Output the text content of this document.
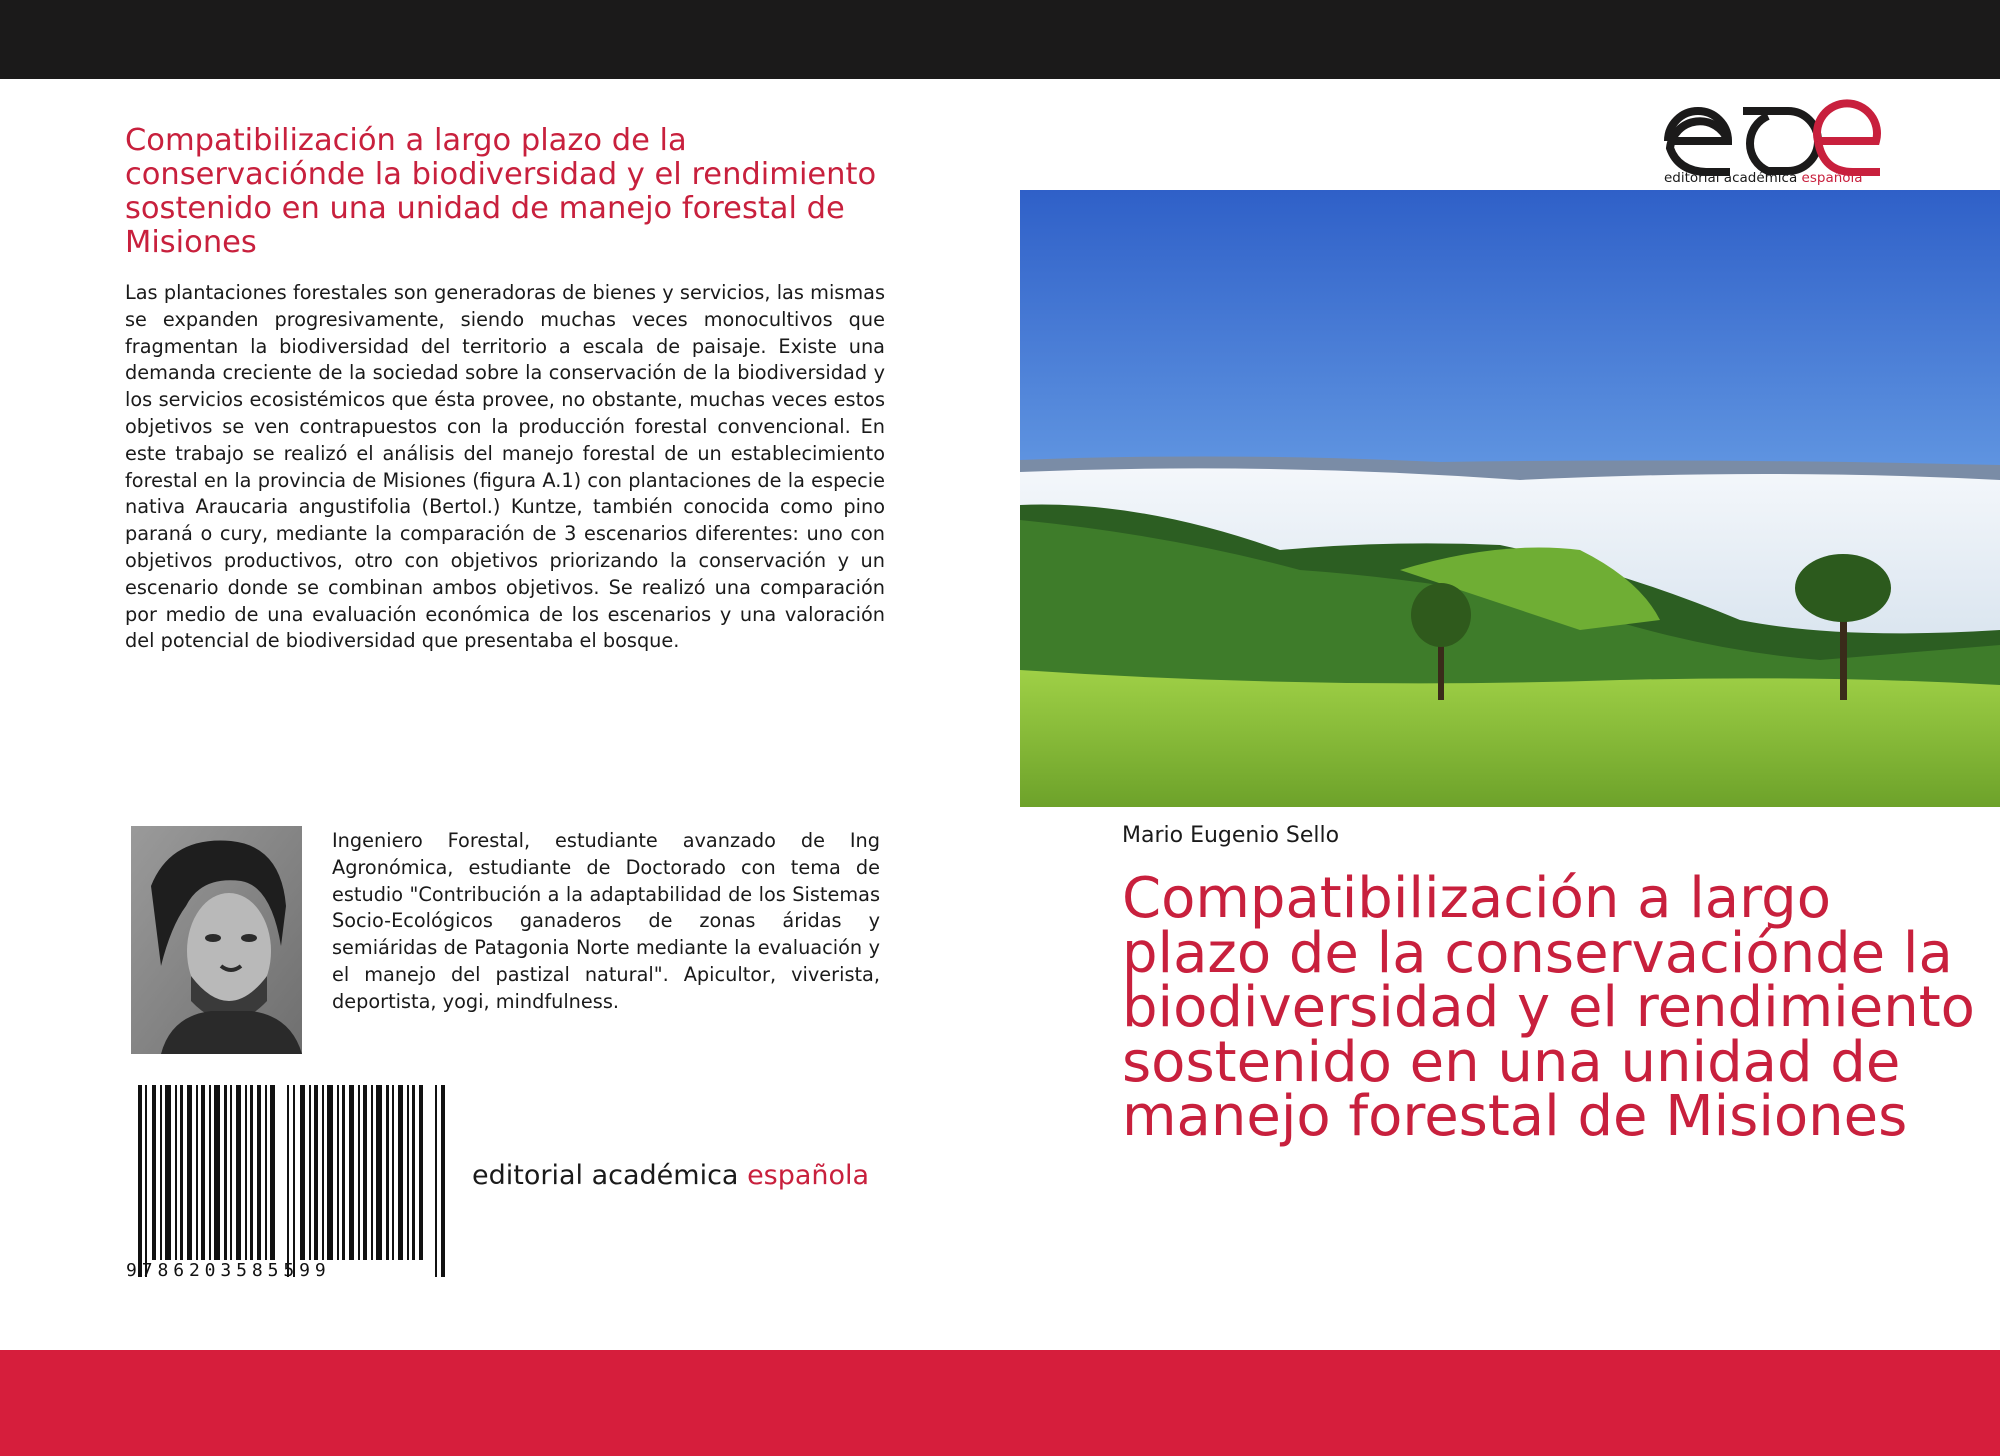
Compatibilización a largo plazo de la conservaciónde la biodiversidad y el rendimiento sostenido en una unidad de manejo forestal de Misiones

Las plantaciones forestales son generadoras de bienes y servicios, las mismas se expanden progresivamente, siendo muchas veces monocultivos que fragmentan la biodiversidad del territorio a escala de paisaje. Existe una demanda creciente de la sociedad sobre la conservación de la biodiversidad y los servicios ecosistémicos que ésta provee, no obstante, muchas veces estos objetivos se ven contrapuestos con la producción forestal convencional. En este trabajo se realizó el análisis del manejo forestal de un establecimiento forestal en la provincia de Misiones (figura A.1) con plantaciones de la especie nativa Araucaria angustifolia (Bertol.) Kuntze, también conocida como pino paraná o cury, mediante la comparación de 3 escenarios diferentes: uno con objetivos productivos, otro con objetivos priorizando la conservación y un escenario donde se combinan ambos objetivos. Se realizó una comparación por medio de una evaluación económica de los escenarios y una valoración del potencial de biodiversidad que presentaba el bosque.

Ingeniero Forestal, estudiante avanzado de Ing Agronómica, estudiante de Doctorado con tema de estudio "Contribución a la adaptabilidad de los Sistemas Socio-Ecológicos ganaderos de zonas áridas y semiáridas de Patagonia Norte mediante la evaluación y el manejo del pastizal natural". Apicultor, viverista, deportista, yogi, mindfulness.

9786203585599
editorial académica española
editorial académica española
Mario Eugenio Sello
Compatibilización a largo plazo de la conservaciónde la biodiversidad y el rendimiento sostenido en una unidad de manejo forestal de Misiones
